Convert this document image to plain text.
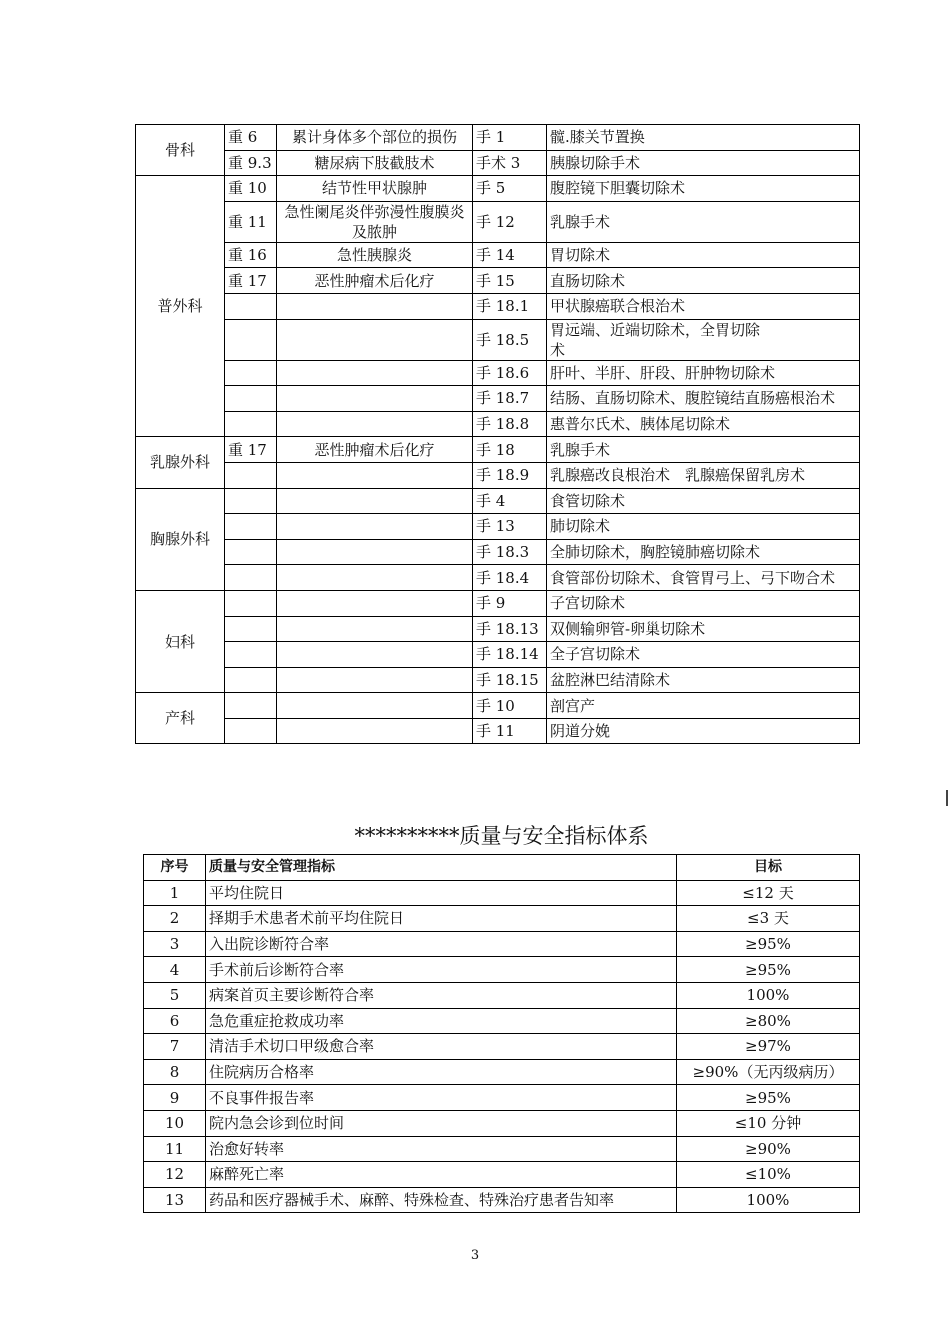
骨科	重 6	累计身体多个部位的损伤	手 1	髋.膝关节置换
	重 9.3	糖尿病下肢截肢术	手术 3	胰腺切除手术
普外科	重 10	结节性甲状腺肿	手 5	腹腔镜下胆囊切除术
	重 11	急性阑尾炎伴弥漫性腹膜炎及脓肿	手 12	乳腺手术
	重 16	急性胰腺炎	手 14	胃切除术
	重 17	恶性肿瘤术后化疗	手 15	直肠切除术
			手 18.1	甲状腺癌联合根治术
			手 18.5	胃远端、近端切除术，全胃切除术
			手 18.6	肝叶、半肝、肝段、肝肿物切除术
			手 18.7	结肠、直肠切除术、腹腔镜结直肠癌根治术
			手 18.8	惠普尔氏术、胰体尾切除术
乳腺外科	重 17	恶性肿瘤术后化疗	手 18	乳腺手术
			手 18.9	乳腺癌改良根治术　乳腺癌保留乳房术
胸腺外科			手 4	食管切除术
			手 13	肺切除术
			手 18.3	全肺切除术，胸腔镜肺癌切除术
			手 18.4	食管部份切除术、食管胃弓上、弓下吻合术
妇科			手 9	子宫切除术
			手 18.13	双侧输卵管-卵巢切除术
			手 18.14	全子宫切除术
			手 18.15	盆腔淋巴结清除术
产科			手 10	剖宫产
			手 11	阴道分娩
**********质量与安全指标体系
序号	质量与安全管理指标	目标
1	平均住院日	≤12 天
2	择期手术患者术前平均住院日	≤3 天
3	入出院诊断符合率	≥95%
4	手术前后诊断符合率	≥95%
5	病案首页主要诊断符合率	100%
6	急危重症抢救成功率	≥80%
7	清洁手术切口甲级愈合率	≥97%
8	住院病历合格率	≥90%（无丙级病历）
9	不良事件报告率	≥95%
10	院内急会诊到位时间	≤10 分钟
11	治愈好转率	≥90%
12	麻醉死亡率	≤10%
13	药品和医疗器械手术、麻醉、特殊检查、特殊治疗患者告知率	100%
3
